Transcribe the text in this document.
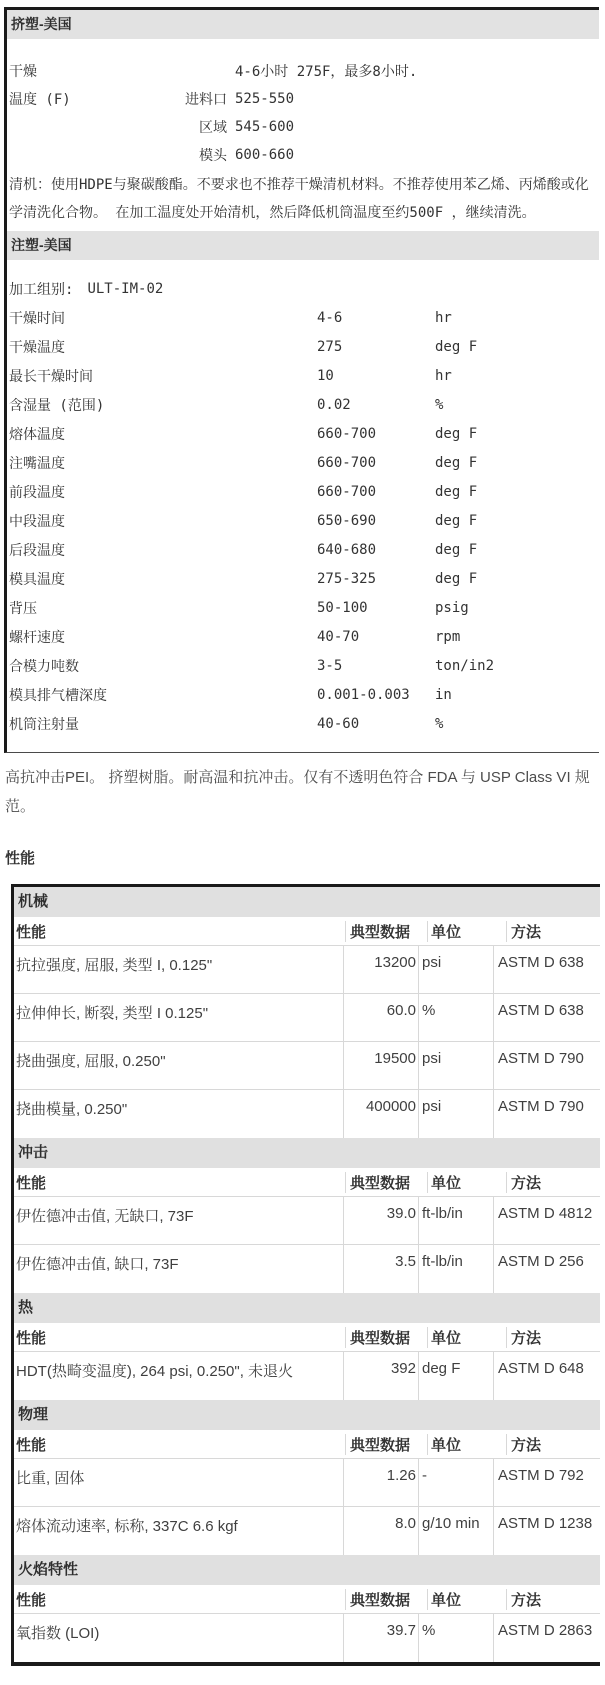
挤塑-美国
干燥	4-6小时 275F，最多8小时.
温度 (F)	进料口 525-550
区域 545-600
模头 600-660
清机：使用HDPE与聚碳酸酯。不要求也不推荐干燥清机材料。不推荐使用苯乙烯、丙烯酸或化学清洗化合物。 在加工温度处开始清机，然后降低机筒温度至约500F ，继续清洗。
注塑-美国
加工组别: ULT-IM-02
干燥时间	4-6	hr
干燥温度	275	deg F
最长干燥时间	10	hr
含湿量 (范围)	0.02	%
熔体温度	660-700	deg F
注嘴温度	660-700	deg F
前段温度	660-700	deg F
中段温度	650-690	deg F
后段温度	640-680	deg F
模具温度	275-325	deg F
背压	50-100	psig
螺杆速度	40-70	rpm
合模力吨数	3-5	ton/in2
模具排气槽深度	0.001-0.003	in
机筒注射量	40-60	%
高抗冲击PEI。 挤塑树脂。耐高温和抗冲击。仅有不透明色符合 FDA 与 USP Class VI 规范。
性能
机械
性能	典型数据	单位	方法
抗拉强度, 屈服, 类型 I, 0.125"	13200 psi	ASTM D 638
拉伸伸长, 断裂, 类型 I 0.125"	60.0 %	ASTM D 638
挠曲强度, 屈服, 0.250"	19500 psi	ASTM D 790
挠曲模量, 0.250"	400000 psi	ASTM D 790
冲击
性能	典型数据	单位	方法
伊佐德冲击值, 无缺口, 73F	39.0 ft-lb/in	ASTM D 4812
伊佐德冲击值, 缺口, 73F	3.5 ft-lb/in	ASTM D 256
热
性能	典型数据	单位	方法
HDT(热畸变温度), 264 psi, 0.250", 未退火	392 deg F	ASTM D 648
物理
性能	典型数据	单位	方法
比重, 固体	1.26 -	ASTM D 792
熔体流动速率, 标称, 337C 6.6 kgf	8.0 g/10 min	ASTM D 1238
火焰特性
性能	典型数据	单位	方法
氧指数 (LOI)	39.7 %	ASTM D 2863
